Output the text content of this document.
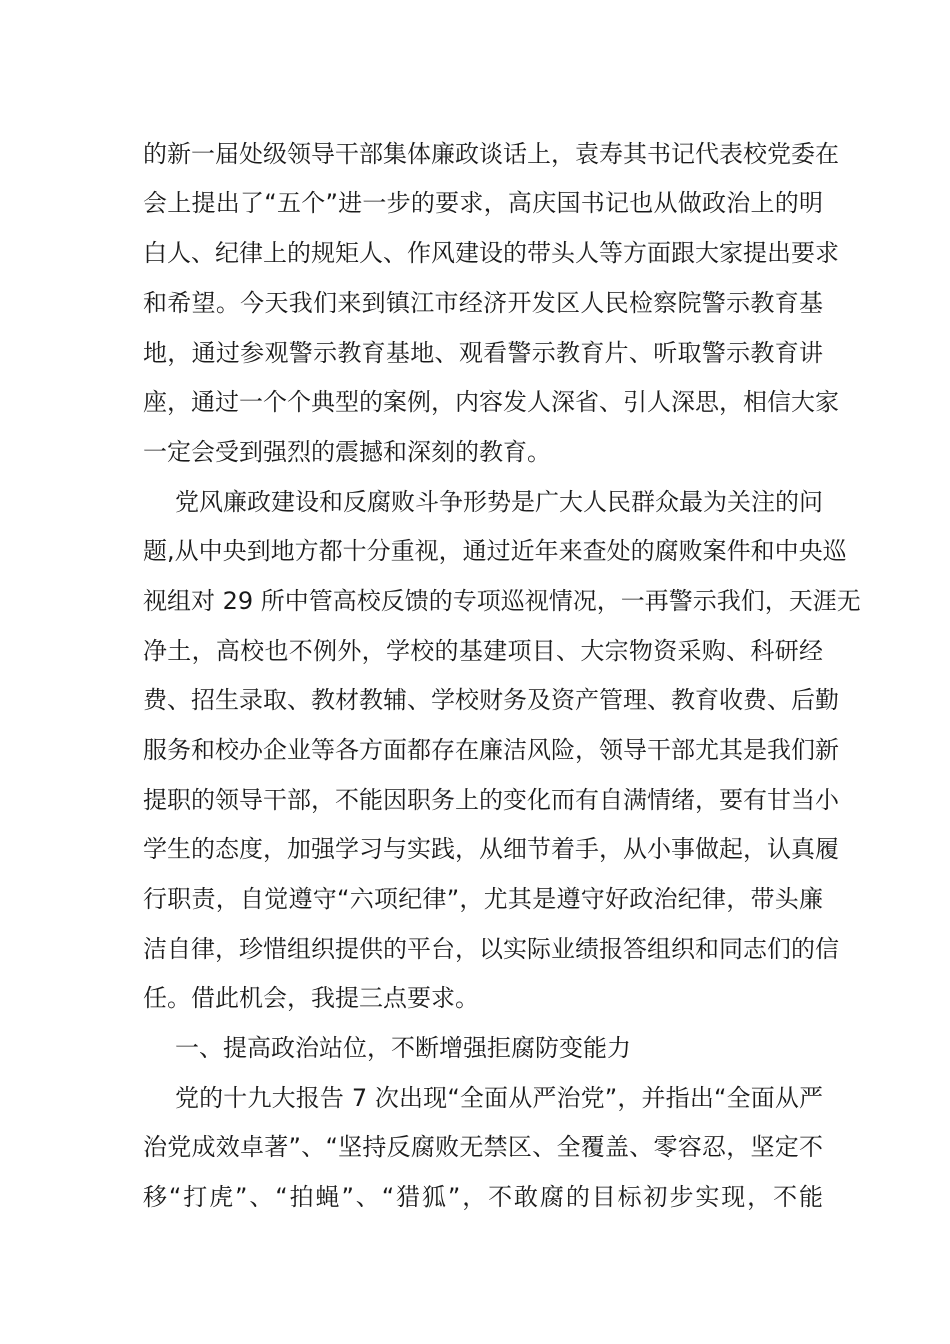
的新一届处级领导干部集体廉政谈话上，袁寿其书记代表校党委在
会上提出了“五个”进一步的要求，高庆国书记也从做政治上的明
白人、纪律上的规矩人、作风建设的带头人等方面跟大家提出要求
和希望。今天我们来到镇江市经济开发区人民检察院警示教育基
地，通过参观警示教育基地、观看警示教育片、听取警示教育讲
座，通过一个个典型的案例，内容发人深省、引人深思，相信大家
一定会受到强烈的震撼和深刻的教育。
党风廉政建设和反腐败斗争形势是广大人民群众最为关注的问
题,从中央到地方都十分重视，通过近年来查处的腐败案件和中央巡
视组对 29 所中管高校反馈的专项巡视情况，一再警示我们，天涯无
净土，高校也不例外，学校的基建项目、大宗物资采购、科研经
费、招生录取、教材教辅、学校财务及资产管理、教育收费、后勤
服务和校办企业等各方面都存在廉洁风险，领导干部尤其是我们新
提职的领导干部，不能因职务上的变化而有自满情绪，要有甘当小
学生的态度，加强学习与实践，从细节着手，从小事做起，认真履
行职责，自觉遵守“六项纪律”，尤其是遵守好政治纪律，带头廉
洁自律，珍惜组织提供的平台，以实际业绩报答组织和同志们的信
任。借此机会，我提三点要求。
一、提高政治站位，不断增强拒腐防变能力
党的十九大报告 7 次出现“全面从严治党”，并指出“全面从严
治党成效卓著”、“坚持反腐败无禁区、全覆盖、零容忍，坚定不
移“打虎”、“拍蝇”、“猎狐”，不敢腐的目标初步实现，不能
